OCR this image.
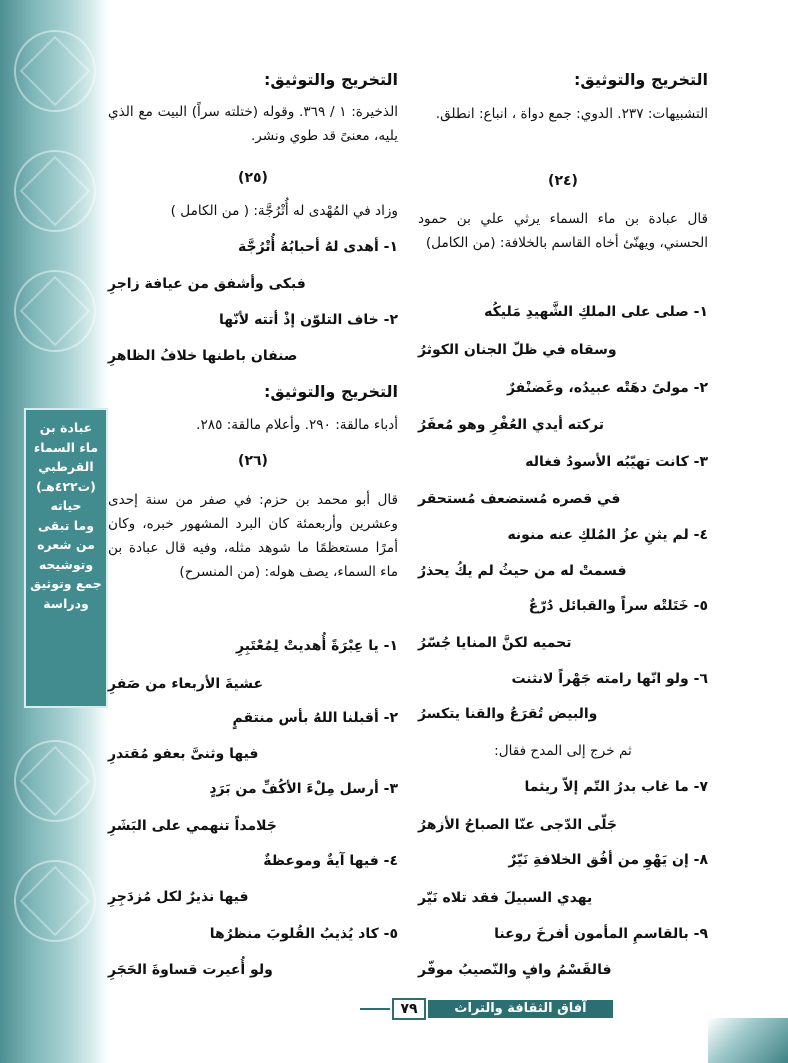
عبادة بن
ماء السماء
القرطبي
(ت٤٢٢هـ)
حياته
وما تبقى
من شعره
وتوشيحه
جمع وتوثيق
ودراسة
التخريج والتوثيق:
التشبيهات: ٢٣٧. الدوي: جمع دواة ، انباع: انطلق.
(٢٤)
قال عبادة بن ماء السماء يرثي علي بن حمود الحسني، ويهنّئ أخاه القاسم بالخلافة: (من الكامل)
١- صلى على الملكِ الشَّهيدِ مَليكُه
وسقاه في ظلّ الجنان الكوثرُ
٢- مولىً دهَتْه عبيدُه، وغَضنْفرٌ
تركته أيدي العُفْرِ وهو مُعفَرُ
٣- كانت تهيّبُه الأسودُ فغاله
في قصره مُستضعف مُستحقر
٤- لم يثنِ عزُ المُلكِ عنه منونه
فسمتْ له من حيثُ لم يكُ يحذرُ
٥- خَتَلتْه سراً والقبائل دُرّعٌ
تحميه لكنَّ المنايا جُسّرُ
٦- ولو انّها رامته جَهْراً لانثنت
والبيض تُقرَعُ والقنا يتكسرُ
ثم خرج إلى المدح فقال:
٧- ما غاب بدرُ التّم إلاّ ريثما
جَلّى الدّجى عنّا الصباحُ الأزهرُ
٨- إن يَهْوِ من أفُق الخلافةِ نَيّرٌ
يهدي السبيلَ فقد تلاه نَيّر
٩- بالقاسمِ المأمون أفرخَ روعنا
فالقَسْمُ وافٍ والنّصيبُ موفّر
التخريج والتوثيق:
الذخيرة: ١ / ٣٦٩. وقوله (ختلته سراً) البيت مع الذي يليه، معنىً قد طوي ونشر.
(٢٥)
وزاد في المُهْدى له أُتْرُجَّة: ( من الكامل )
١- أهدى لهُ أحبابُهُ أُتْرُجَّة
فبكى وأشفق من عيافة زاجرِ
٢- خاف التلوّن إذْ أتته لأنّها
صنفان باطنها خلافُ الظاهرِ
التخريج والتوثيق:
أدباء مالقة: ٢٩٠. وأعلام مالقة: ٢٨٥.
(٢٦)
قال أبو محمد بن حزم: في صفر من سنة إحدى وعشرين وأربعمئة كان البرد المشهور خبره، وكان أمرًا مستعظمًا ما شوهد مثله، وفيه قال عبادة بن ماء السماء، يصف هوله: (من المنسرح)
١- يا عِبْرَةً أُهديتْ لِمُعْتَبِرِ
عشيةَ الأربعاء من صَفرِ
٢- أقبلنا اللهُ بأس منتقمٍ
فيها وثنىَّ بعفو مُقتدرِ
٣- أرسل مِلْءَ الأكُفِّ من بَرَدٍ
جَلامداً تنهمي على البَشَرِ
٤- فيها آيةٌ وموعظةٌ
فيها نذيرٌ لكل مُزدَجِرِ
٥- كاد يُذيبُ القُلوبَ منظرُها
ولو أُعيرت قساوةَ الحَجَرِ
٧٩	آفاق الثقافة والتراث
